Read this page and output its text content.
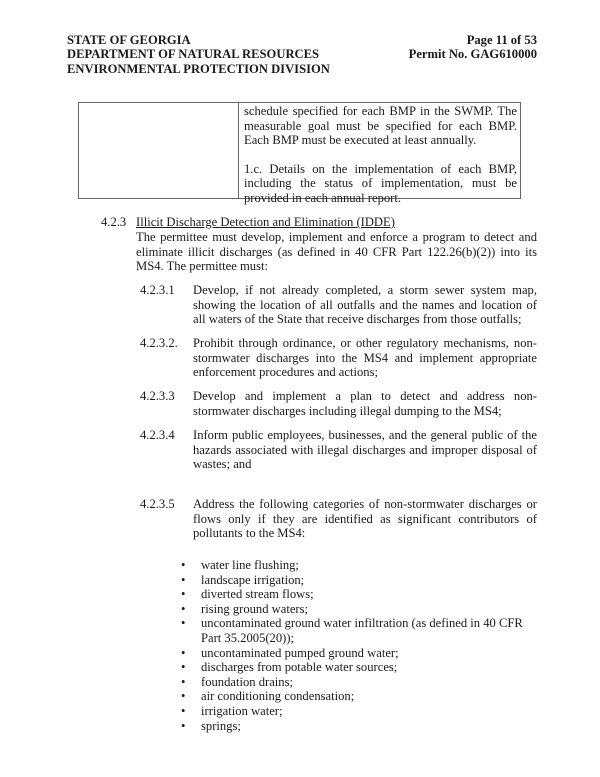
STATE OF GEORGIA
DEPARTMENT OF NATURAL RESOURCES
ENVIRONMENTAL PROTECTION DIVISION
Page 11 of 53
Permit No. GAG610000

schedule specified for each BMP in the SWMP. The measurable goal must be specified for each BMP. Each BMP must be executed at least annually.

1.c. Details on the implementation of each BMP, including the status of implementation, must be provided in each annual report.

4.2.3 Illicit Discharge Detection and Elimination (IDDE)
The permittee must develop, implement and enforce a program to detect and eliminate illicit discharges (as defined in 40 CFR Part 122.26(b)(2)) into its MS4. The permittee must:
4.2.3.1 Develop, if not already completed, a storm sewer system map, showing the location of all outfalls and the names and location of all waters of the State that receive discharges from those outfalls;
4.2.3.2. Prohibit through ordinance, or other regulatory mechanisms, non-stormwater discharges into the MS4 and implement appropriate enforcement procedures and actions;
4.2.3.3 Develop and implement a plan to detect and address non-stormwater discharges including illegal dumping to the MS4;
4.2.3.4 Inform public employees, businesses, and the general public of the hazards associated with illegal discharges and improper disposal of wastes; and
4.2.3.5 Address the following categories of non-stormwater discharges or flows only if they are identified as significant contributors of pollutants to the MS4:
• water line flushing;
• landscape irrigation;
• diverted stream flows;
• rising ground waters;
• uncontaminated ground water infiltration (as defined in 40 CFR Part 35.2005(20));
• uncontaminated pumped ground water;
• discharges from potable water sources;
• foundation drains;
• air conditioning condensation;
• irrigation water;
• springs;
